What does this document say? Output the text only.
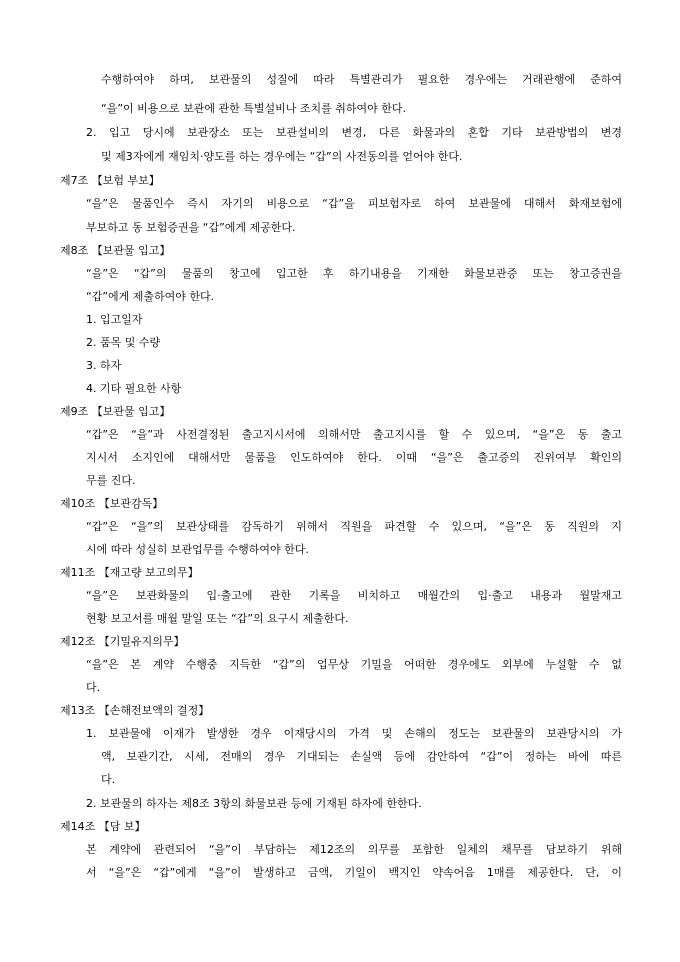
수행하여야 하며, 보관물의 성질에 따라 특별관리가 필요한 경우에는 거래관행에 준하여
“을”이 비용으로 보관에 관한 특별설비나 조치를 취하여야 한다.
2. 입고 당시에 보관장소 또는 보관설비의 변경, 다른 화물과의 혼합 기타 보관방법의 변경
및 제3자에게 재임치·양도를 하는 경우에는 “갑”의 사전동의를 얻어야 한다.
제7조 【보험 부보】
“을”은 물품인수 즉시 자기의 비용으로 “갑”을 피보험자로 하여 보관물에 대해서 화재보험에
부보하고 동 보험증권을 “갑”에게 제공한다.
제8조 【보관물 입고】
“을”은 “갑”의 물품의 창고에 입고한 후 하기내용을 기재한 화물보관증 또는 창고증권을
“갑”에게 제출하여야 한다.
1. 입고일자
2. 품목 및 수량
3. 하자
4. 기타 필요한 사항
제9조 【보관물 입고】
“갑”은 “을”과 사전결정된 출고지시서에 의해서만 출고지시를 할 수 있으며, “을”은 동 출고
지시서 소지인에 대해서만 물품을 인도하여야 한다. 이때 “을”은 출고증의 진위여부 확인의
무를 진다.
제10조 【보관감독】
“갑”은 “을”의 보관상태를 감독하기 위해서 직원을 파견할 수 있으며, “을”은 동 직원의 지
시에 따라 성실히 보관업무를 수행하여야 한다.
제11조 【재고량 보고의무】
“을”은 보관화물의 입·출고에 관한 기록을 비치하고 매월간의 입·출고 내용과 월말재고
현황 보고서를 매월 말일 또는 “갑”의 요구시 제출한다.
제12조 【기밀유지의무】
“을”은 본 계약 수행중 지득한 “갑”의 업무상 기밀을 어떠한 경우에도 외부에 누설할 수 없
다.
제13조 【손해전보액의 결정】
1. 보관물에 이재가 발생한 경우 이재당시의 가격 및 손해의 정도는 보관물의 보관당시의 가
액, 보관기간, 시세, 전매의 경우 기대되는 손실액 등에 감안하여 “갑”이 정하는 바에 따른
다.
2. 보관물의 하자는 제8조 3항의 화물보관 등에 기재된 하자에 한한다.
제14조 【담 보】
본 계약에 관련되어 “을”이 부담하는 제12조의 의무를 포함한 일체의 채무를 담보하기 위해
서 “을”은 “갑”에게 “을”이 발생하고 금액, 기일이 백지인 약속어음 1매를 제공한다. 단, 이
